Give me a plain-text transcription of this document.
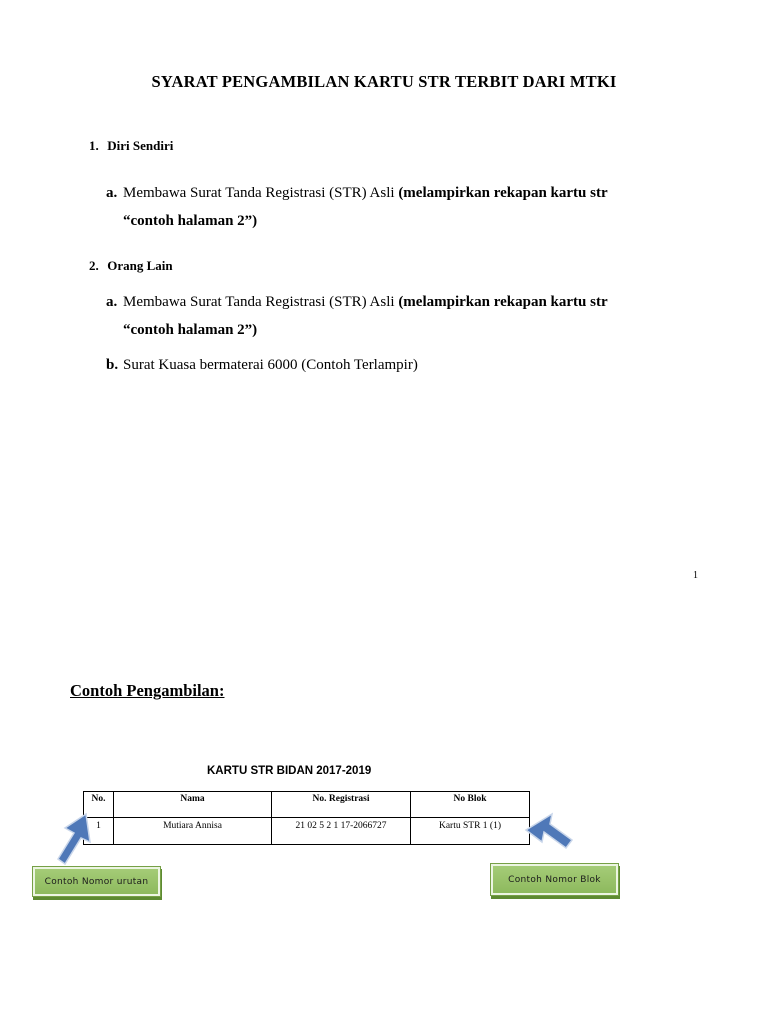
SYARAT PENGAMBILAN KARTU STR TERBIT DARI MTKI
1. Diri Sendiri
a. Membawa Surat Tanda Registrasi (STR) Asli (melampirkan rekapan kartu str
“contoh halaman 2”)
2. Orang Lain
a. Membawa Surat Tanda Registrasi (STR) Asli (melampirkan rekapan kartu str
“contoh halaman 2”)
b. Surat Kuasa bermaterai 6000 (Contoh Terlampir)
1
Contoh Pengambilan:
KARTU STR BIDAN 2017-2019
No.	Nama	No. Registrasi	No Blok
1	Mutiara Annisa	21 02 5 2 1 17-2066727	Kartu STR 1 (1)
Contoh Nomor urutan	Contoh Nomor Blok
